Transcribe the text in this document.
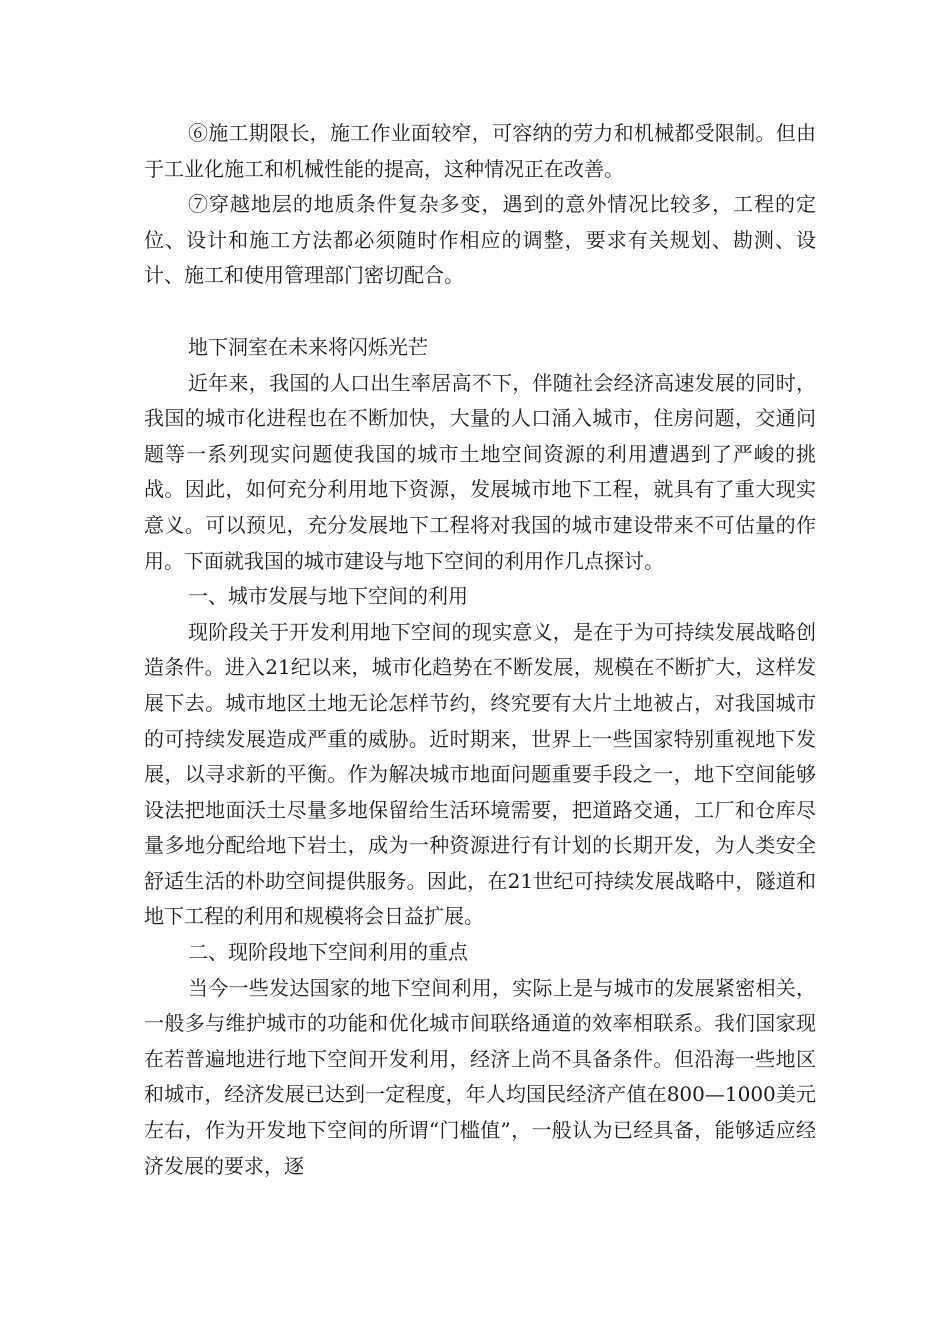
⑥施工期限长，施工作业面较窄，可容纳的劳力和机械都受限制。但由于工业化施工和机械性能的提高，这种情况正在改善。

⑦穿越地层的地质条件复杂多变，遇到的意外情况比较多，工程的定位、设计和施工方法都必须随时作相应的调整，要求有关规划、勘测、设计、施工和使用管理部门密切配合。

地下洞室在未来将闪烁光芒

近年来，我国的人口出生率居高不下，伴随社会经济高速发展的同时，我国的城市化进程也在不断加快，大量的人口涌入城市，住房问题，交通问题等一系列现实问题使我国的城市土地空间资源的利用遭遇到了严峻的挑战。因此，如何充分利用地下资源，发展城市地下工程，就具有了重大现实意义。可以预见，充分发展地下工程将对我国的城市建设带来不可估量的作用。下面就我国的城市建设与地下空间的利用作几点探讨。

一、城市发展与地下空间的利用

现阶段关于开发利用地下空间的现实意义，是在于为可持续发展战略创造条件。进入21纪以来，城市化趋势在不断发展，规模在不断扩大，这样发展下去。城市地区土地无论怎样节约，终究要有大片土地被占，对我国城市的可持续发展造成严重的威胁。近时期来，世界上一些国家特别重视地下发展，以寻求新的平衡。作为解决城市地面问题重要手段之一，地下空间能够设法把地面沃土尽量多地保留给生活环境需要，把道路交通，工厂和仓库尽量多地分配给地下岩土，成为一种资源进行有计划的长期开发，为人类安全舒适生活的朴助空间提供服务。因此，在21世纪可持续发展战略中，隧道和地下工程的利用和规模将会日益扩展。

二、现阶段地下空间利用的重点

当今一些发达国家的地下空间利用，实际上是与城市的发展紧密相关，一般多与维护城市的功能和优化城市间联络通道的效率相联系。我们国家现在若普遍地进行地下空间开发利用，经济上尚不具备条件。但沿海一些地区和城市，经济发展已达到一定程度，年人均国民经济产值在800—1000美元左右，作为开发地下空间的所谓“门槛值”，一般认为已经具备，能够适应经济发展的要求，逐
